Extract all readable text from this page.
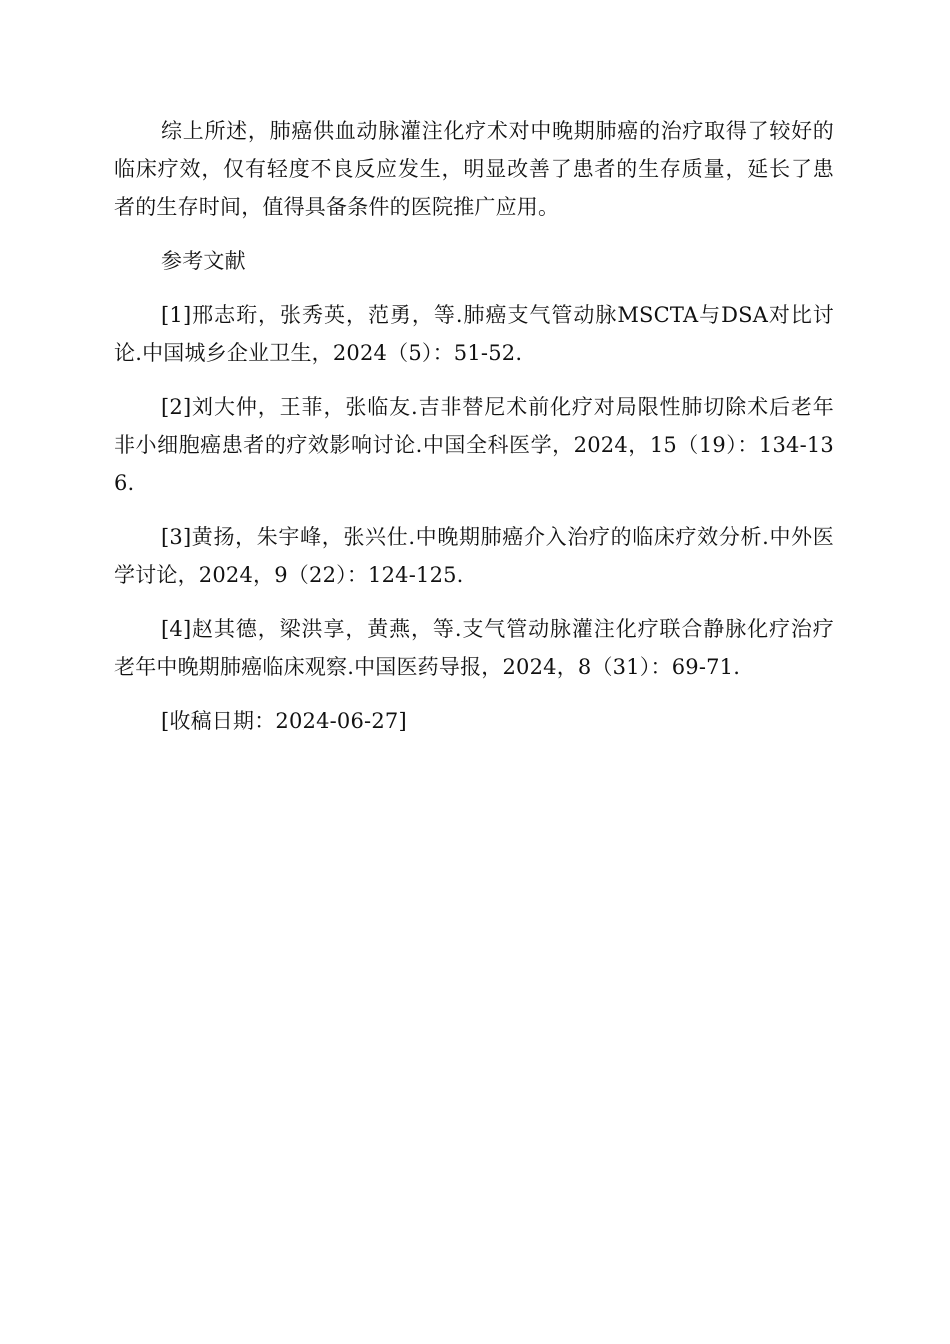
综上所述，肺癌供血动脉灌注化疗术对中晚期肺癌的治疗取得了较好的临床疗效，仅有轻度不良反应发生，明显改善了患者的生存质量，延长了患者的生存时间，值得具备条件的医院推广应用。

参考文献

[1]邢志珩，张秀英，范勇，等.肺癌支气管动脉MSCTA与DSA对比讨论.中国城乡企业卫生，2024（5）：51-52.

[2]刘大仲，王菲，张临友.吉非替尼术前化疗对局限性肺切除术后老年非小细胞癌患者的疗效影响讨论.中国全科医学，2024，15（19）：134-136.

[3]黄扬，朱宇峰，张兴仕.中晚期肺癌介入治疗的临床疗效分析.中外医学讨论，2024，9（22）：124-125.

[4]赵其德，梁洪享，黄燕，等.支气管动脉灌注化疗联合静脉化疗治疗老年中晚期肺癌临床观察.中国医药导报，2024，8（31）：69-71.

[收稿日期：2024-06-27]
